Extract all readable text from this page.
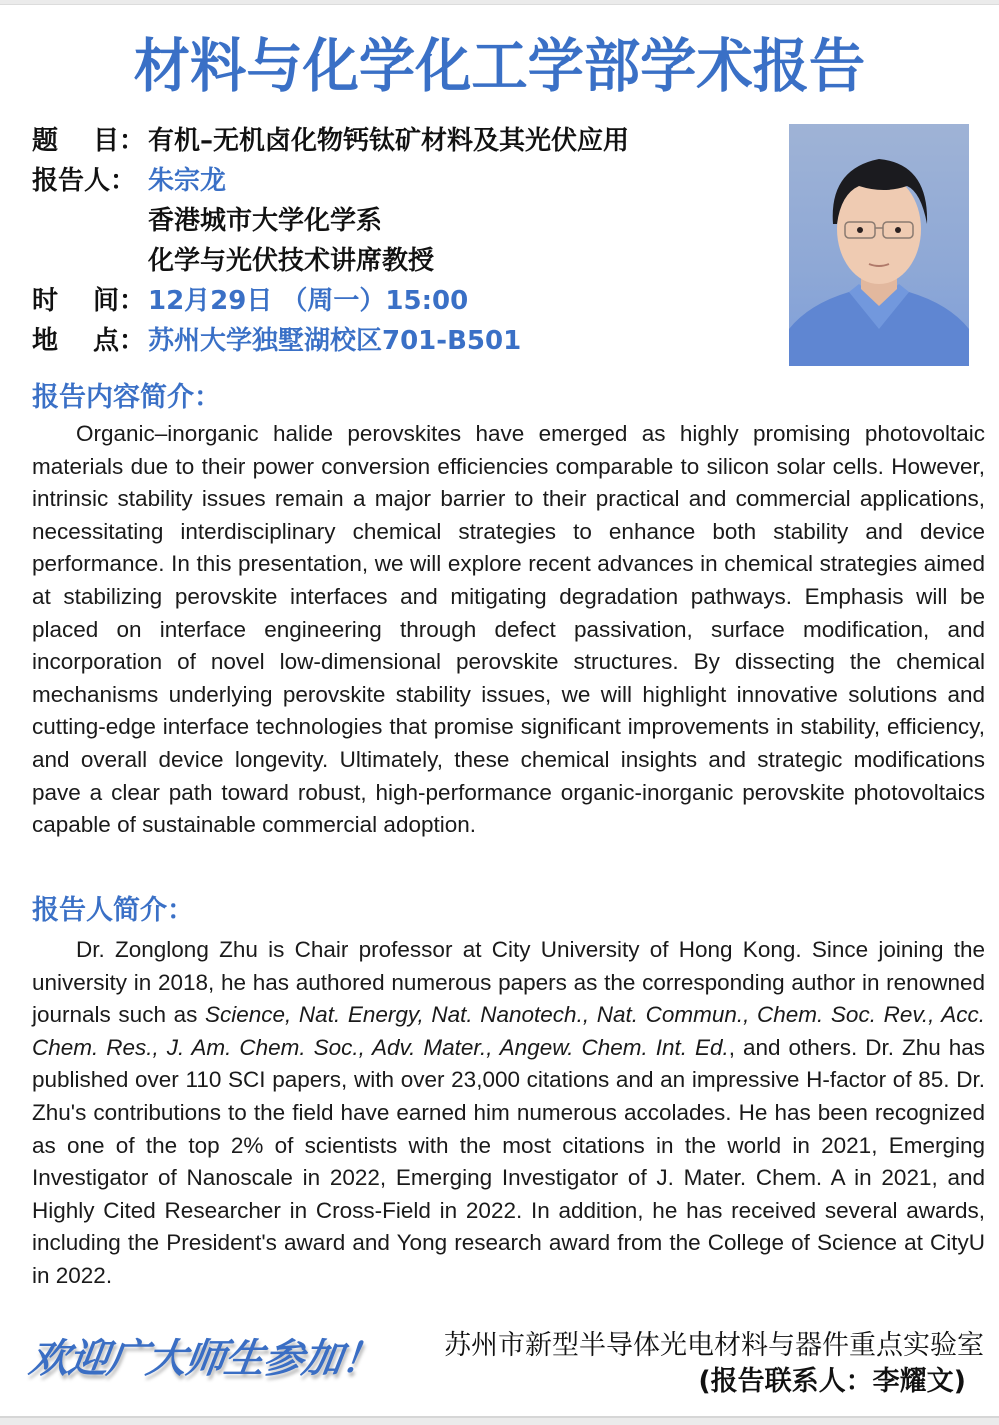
材料与化学化工学部学术报告
题　 目： 有机–无机卤化物钙钛矿材料及其光伏应用
报告人： 朱宗龙
香港城市大学化学系
化学与光伏技术讲席教授
时　 间： 12月29日 （周一）15:00
地　 点： 苏州大学独墅湖校区701-B501
报告内容简介：
Organic–inorganic halide perovskites have emerged as highly promising photovoltaic materials due to their power conversion efficiencies comparable to silicon solar cells. However, intrinsic stability issues remain a major barrier to their practical and commercial applications, necessitating interdisciplinary chemical strategies to enhance both stability and device performance. In this presentation, we will explore recent advances in chemical strategies aimed at stabilizing perovskite interfaces and mitigating degradation pathways. Emphasis will be placed on interface engineering through defect passivation, surface modification, and incorporation of novel low-dimensional perovskite structures. By dissecting the chemical mechanisms underlying perovskite stability issues, we will highlight innovative solutions and cutting-edge interface technologies that promise significant improvements in stability, efficiency, and overall device longevity. Ultimately, these chemical insights and strategic modifications pave a clear path toward robust, high-performance organic-inorganic perovskite photovoltaics capable of sustainable commercial adoption.
报告人简介：
Dr. Zonglong Zhu is Chair professor at City University of Hong Kong. Since joining the university in 2018, he has authored numerous papers as the corresponding author in renowned journals such as Science, Nat. Energy, Nat. Nanotech., Nat. Commun., Chem. Soc. Rev., Acc. Chem. Res., J. Am. Chem. Soc., Adv. Mater., Angew. Chem. Int. Ed., and others. Dr. Zhu has published over 110 SCI papers, with over 23,000 citations and an impressive H-factor of 85. Dr. Zhu's contributions to the field have earned him numerous accolades. He has been recognized as one of the top 2% of scientists with the most citations in the world in 2021, Emerging Investigator of Nanoscale in 2022, Emerging Investigator of J. Mater. Chem. A in 2021, and Highly Cited Researcher in Cross-Field in 2022. In addition, he has received several awards, including the President's award and Yong research award from the College of Science at CityU in 2022.
欢迎广大师生参加！	苏州市新型半导体光电材料与器件重点实验室
(报告联系人：李耀文)
